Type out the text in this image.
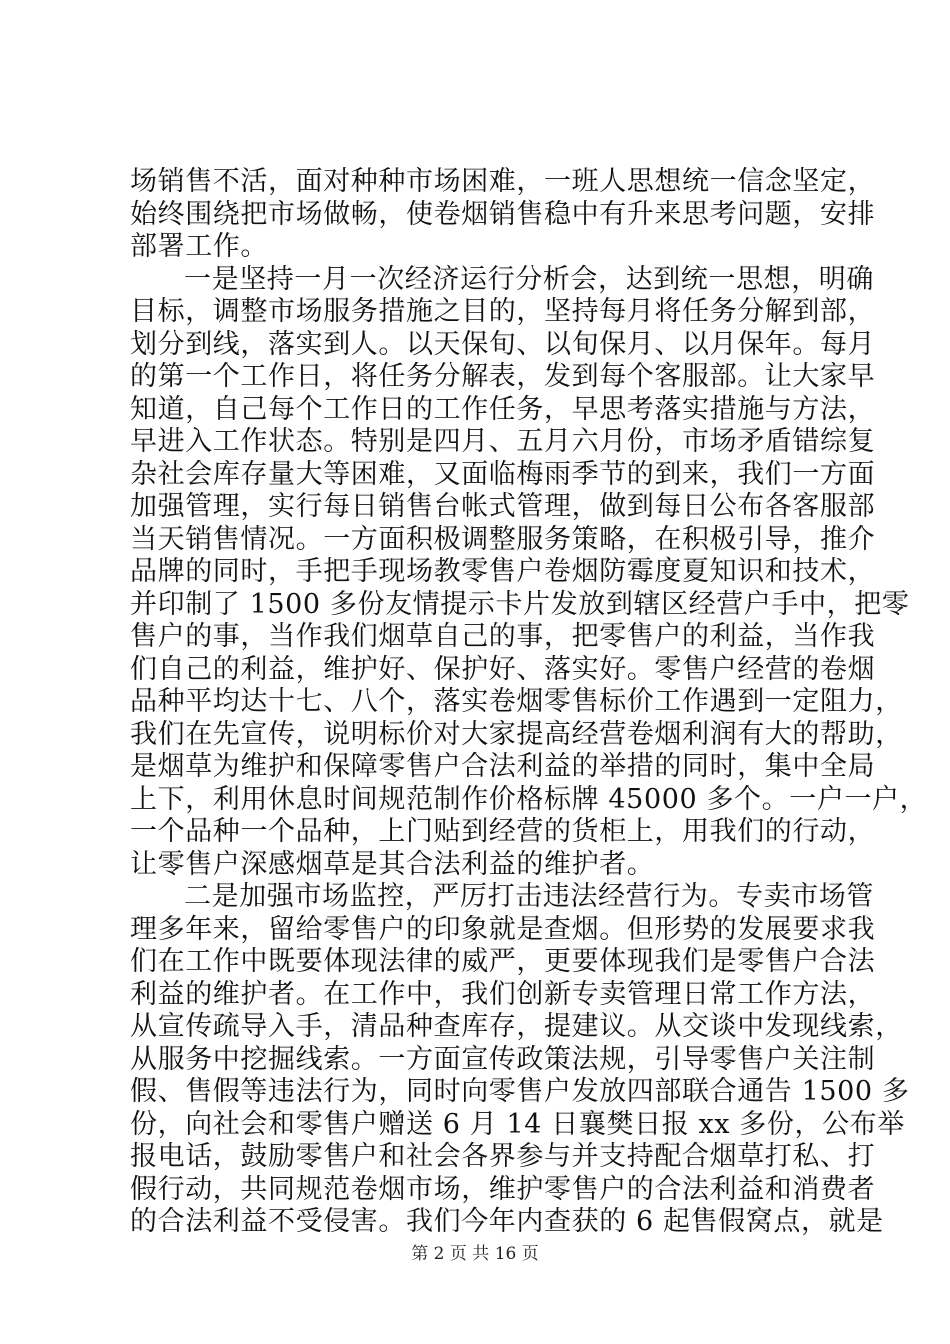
场销售不活，面对种种市场困难，一班人思想统一信念坚定，
始终围绕把市场做畅，使卷烟销售稳中有升来思考问题，安排
部署工作。
一是坚持一月一次经济运行分析会，达到统一思想，明确
目标，调整市场服务措施之目的，坚持每月将任务分解到部，
划分到线，落实到人。以天保旬、以旬保月、以月保年。每月
的第一个工作日，将任务分解表，发到每个客服部。让大家早
知道，自己每个工作日的工作任务，早思考落实措施与方法，
早进入工作状态。特别是四月、五月六月份，市场矛盾错综复
杂社会库存量大等困难，又面临梅雨季节的到来，我们一方面
加强管理，实行每日销售台帐式管理，做到每日公布各客服部
当天销售情况。一方面积极调整服务策略，在积极引导，推介
品牌的同时，手把手现场教零售户卷烟防霉度夏知识和技术，
并印制了 1500 多份友情提示卡片发放到辖区经营户手中，把零
售户的事，当作我们烟草自己的事，把零售户的利益，当作我
们自己的利益，维护好、保护好、落实好。零售户经营的卷烟
品种平均达十七、八个，落实卷烟零售标价工作遇到一定阻力，
我们在先宣传，说明标价对大家提高经营卷烟利润有大的帮助，
是烟草为维护和保障零售户合法利益的举措的同时，集中全局
上下，利用休息时间规范制作价格标牌 45000 多个。一户一户，
一个品种一个品种，上门贴到经营的货柜上，用我们的行动，
让零售户深感烟草是其合法利益的维护者。
二是加强市场监控，严厉打击违法经营行为。专卖市场管
理多年来，留给零售户的印象就是查烟。但形势的发展要求我
们在工作中既要体现法律的威严，更要体现我们是零售户合法
利益的维护者。在工作中，我们创新专卖管理日常工作方法，
从宣传疏导入手，清品种查库存，提建议。从交谈中发现线索，
从服务中挖掘线索。一方面宣传政策法规，引导零售户关注制
假、售假等违法行为，同时向零售户发放四部联合通告 1500 多
份，向社会和零售户赠送 6 月 14 日襄樊日报 xx 多份，公布举
报电话，鼓励零售户和社会各界参与并支持配合烟草打私、打
假行动，共同规范卷烟市场，维护零售户的合法利益和消费者
的合法利益不受侵害。我们今年内查获的 6 起售假窝点，就是
第 2 页 共 16 页
